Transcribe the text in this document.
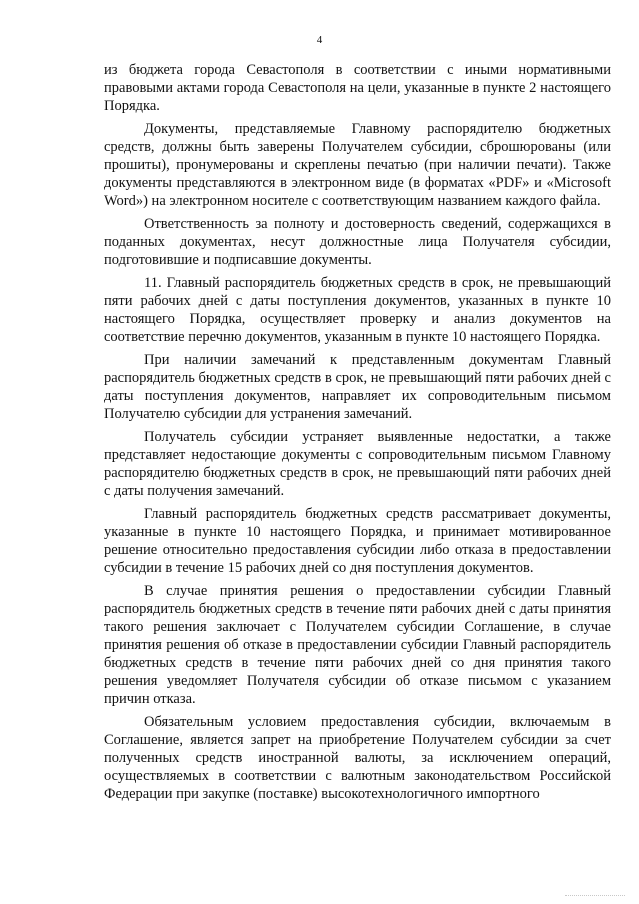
4

из бюджета города Севастополя в соответствии с иными нормативными правовыми актами города Севастополя на цели, указанные в пункте 2 настоящего Порядка.

Документы, представляемые Главному распорядителю бюджетных средств, должны быть заверены Получателем субсидии, сброшюрованы (или прошиты), пронумерованы и скреплены печатью (при наличии печати). Также документы представляются в электронном виде (в форматах «PDF» и «Microsoft Word») на электронном носителе с соответствующим названием каждого файла.

Ответственность за полноту и достоверность сведений, содержащихся в поданных документах, несут должностные лица Получателя субсидии, подготовившие и подписавшие документы.

11. Главный распорядитель бюджетных средств в срок, не превышающий пяти рабочих дней с даты поступления документов, указанных в пункте 10 настоящего Порядка, осуществляет проверку и анализ документов на соответствие перечню документов, указанным в пункте 10 настоящего Порядка.

При наличии замечаний к представленным документам Главный распорядитель бюджетных средств в срок, не превышающий пяти рабочих дней с даты поступления документов, направляет их сопроводительным письмом Получателю субсидии для устранения замечаний.

Получатель субсидии устраняет выявленные недостатки, а также представляет недостающие документы с сопроводительным письмом Главному распорядителю бюджетных средств в срок, не превышающий пяти рабочих дней с даты получения замечаний.

Главный распорядитель бюджетных средств рассматривает документы, указанные в пункте 10 настоящего Порядка, и принимает мотивированное решение относительно предоставления субсидии либо отказа в предоставлении субсидии в течение 15 рабочих дней со дня поступления документов.

В случае принятия решения о предоставлении субсидии Главный распорядитель бюджетных средств в течение пяти рабочих дней с даты принятия такого решения заключает с Получателем субсидии Соглашение, в случае принятия решения об отказе в предоставлении субсидии Главный распорядитель бюджетных средств в течение пяти рабочих дней со дня принятия такого решения уведомляет Получателя субсидии об отказе письмом с указанием причин отказа.

Обязательным условием предоставления субсидии, включаемым в Соглашение, является запрет на приобретение Получателем субсидии за счет полученных средств иностранной валюты, за исключением операций, осуществляемых в соответствии с валютным законодательством Российской Федерации при закупке (поставке) высокотехнологичного импортного
